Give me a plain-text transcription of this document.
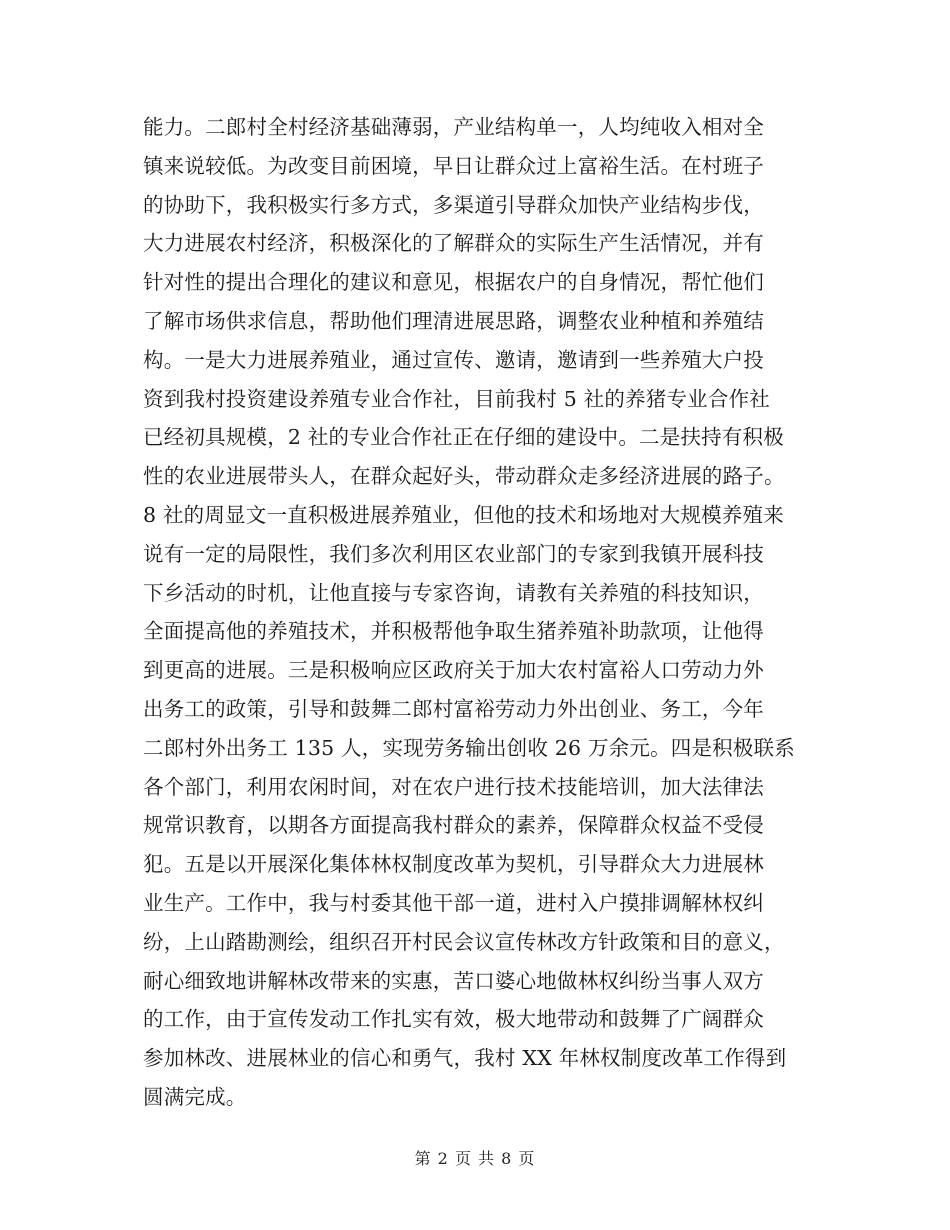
能力。二郎村全村经济基础薄弱，产业结构单一，人均纯收入相对全
镇来说较低。为改变目前困境，早日让群众过上富裕生活。在村班子
的协助下，我积极实行多方式，多渠道引导群众加快产业结构步伐，
大力进展农村经济，积极深化的了解群众的实际生产生活情况，并有
针对性的提出合理化的建议和意见，根据农户的自身情况，帮忙他们
了解市场供求信息，帮助他们理清进展思路，调整农业种植和养殖结
构。一是大力进展养殖业，通过宣传、邀请，邀请到一些养殖大户投
资到我村投资建设养殖专业合作社，目前我村 5 社的养猪专业合作社
已经初具规模，2 社的专业合作社正在仔细的建设中。二是扶持有积极
性的农业进展带头人，在群众起好头，带动群众走多经济进展的路子。
8 社的周显文一直积极进展养殖业，但他的技术和场地对大规模养殖来
说有一定的局限性，我们多次利用区农业部门的专家到我镇开展科技
下乡活动的时机，让他直接与专家咨询，请教有关养殖的科技知识，
全面提高他的养殖技术，并积极帮他争取生猪养殖补助款项，让他得
到更高的进展。三是积极响应区政府关于加大农村富裕人口劳动力外
出务工的政策，引导和鼓舞二郎村富裕劳动力外出创业、务工，今年
二郎村外出务工 135 人，实现劳务输出创收 26 万余元。四是积极联系
各个部门，利用农闲时间，对在农户进行技术技能培训，加大法律法
规常识教育，以期各方面提高我村群众的素养，保障群众权益不受侵
犯。五是以开展深化集体林权制度改革为契机，引导群众大力进展林
业生产。工作中，我与村委其他干部一道，进村入户摸排调解林权纠
纷，上山踏勘测绘，组织召开村民会议宣传林改方针政策和目的意义，
耐心细致地讲解林改带来的实惠，苦口婆心地做林权纠纷当事人双方
的工作，由于宣传发动工作扎实有效，极大地带动和鼓舞了广阔群众
参加林改、进展林业的信心和勇气，我村 XX 年林权制度改革工作得到
圆满完成。
第 2 页 共 8 页
